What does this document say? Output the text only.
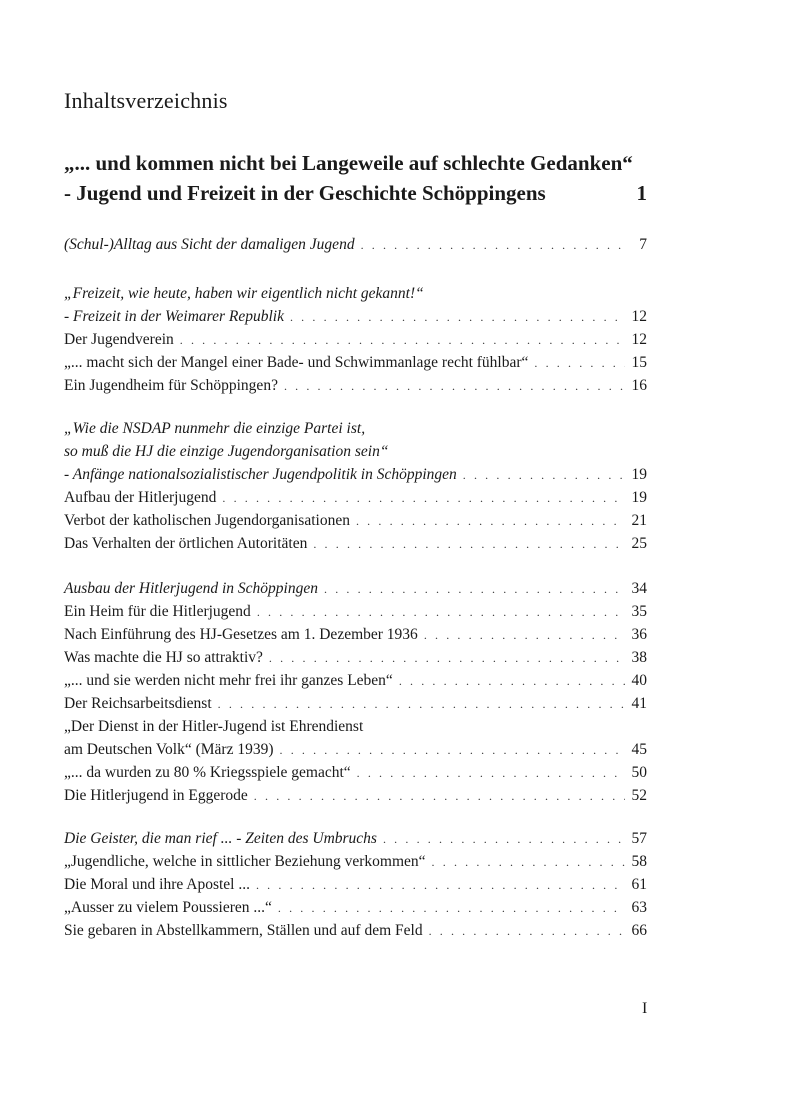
Inhaltsverzeichnis
„... und kommen nicht bei Langeweile auf schlechte Gedanken“
- Jugend und Freizeit in der Geschichte Schöppingens	1
(Schul-)Alltag aus Sicht der damaligen Jugend . . .	7
„Freizeit, wie heute, haben wir eigentlich nicht gekannt!“
- Freizeit in der Weimarer Republik . . .	12
Der Jugendverein . . .	12
„... macht sich der Mangel einer Bade- und Schwimmanlage recht fühlbar“ . . .	15
Ein Jugendheim für Schöppingen? . . .	16
„Wie die NSDAP nunmehr die einzige Partei ist,
so muß die HJ die einzige Jugendorganisation sein“
- Anfänge nationalsozialistischer Jugendpolitik in Schöppingen . . .	19
Aufbau der Hitlerjugend . . .	19
Verbot der katholischen Jugendorganisationen . . .	21
Das Verhalten der örtlichen Autoritäten . . .	25
Ausbau der Hitlerjugend in Schöppingen . . .	34
Ein Heim für die Hitlerjugend . . .	35
Nach Einführung des HJ-Gesetzes am 1. Dezember 1936 . . .	36
Was machte die HJ so attraktiv? . . .	38
„... und sie werden nicht mehr frei ihr ganzes Leben“ . . .	40
Der Reichsarbeitsdienst . . .	41
„Der Dienst in der Hitler-Jugend ist Ehrendienst
am Deutschen Volk“ (März 1939) . . .	45
„... da wurden zu 80 % Kriegsspiele gemacht“ . . .	50
Die Hitlerjugend in Eggerode . . .	52
Die Geister, die man rief ... - Zeiten des Umbruchs . . .	57
„Jugendliche, welche in sittlicher Beziehung verkommen“ . . .	58
Die Moral und ihre Apostel ... . . .	61
„Ausser zu vielem Poussieren ...“ . . .	63
Sie gebaren in Abstellkammern, Ställen und auf dem Feld . . .	66
I
